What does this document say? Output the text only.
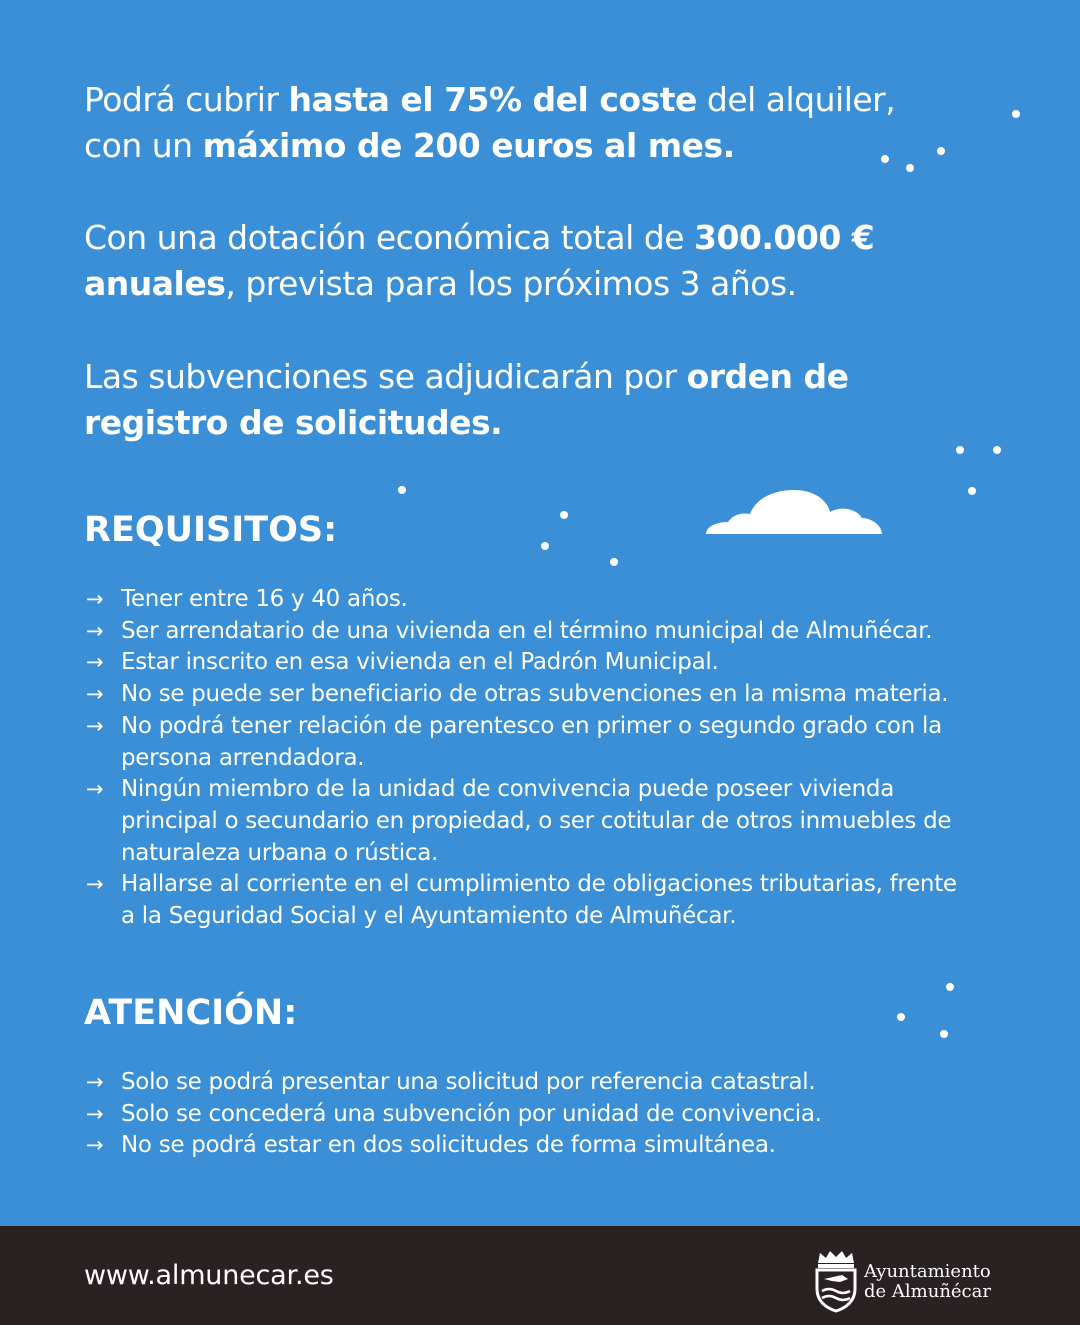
Podrá cubrir hasta el 75% del coste del alquiler,
con un máximo de 200 euros al mes.

Con una dotación económica total de 300.000 €
anuales, prevista para los próximos 3 años.

Las subvenciones se adjudicarán por orden de
registro de solicitudes.

REQUISITOS:
→ Tener entre 16 y 40 años.
→ Ser arrendatario de una vivienda en el término municipal de Almuñécar.
→ Estar inscrito en esa vivienda en el Padrón Municipal.
→ No se puede ser beneficiario de otras subvenciones en la misma materia.
→ No podrá tener relación de parentesco en primer o segundo grado con la
persona arrendadora.
→ Ningún miembro de la unidad de convivencia puede poseer vivienda
principal o secundario en propiedad, o ser cotitular de otros inmuebles de
naturaleza urbana o rústica.
→ Hallarse al corriente en el cumplimiento de obligaciones tributarias, frente
a la Seguridad Social y el Ayuntamiento de Almuñécar.
ATENCIÓN:
→ Solo se podrá presentar una solicitud por referencia catastral.
→ Solo se concederá una subvención por unidad de convivencia.
→ No se podrá estar en dos solicitudes de forma simultánea.
www.almunecar.es	Ayuntamiento
de Almuñécar
